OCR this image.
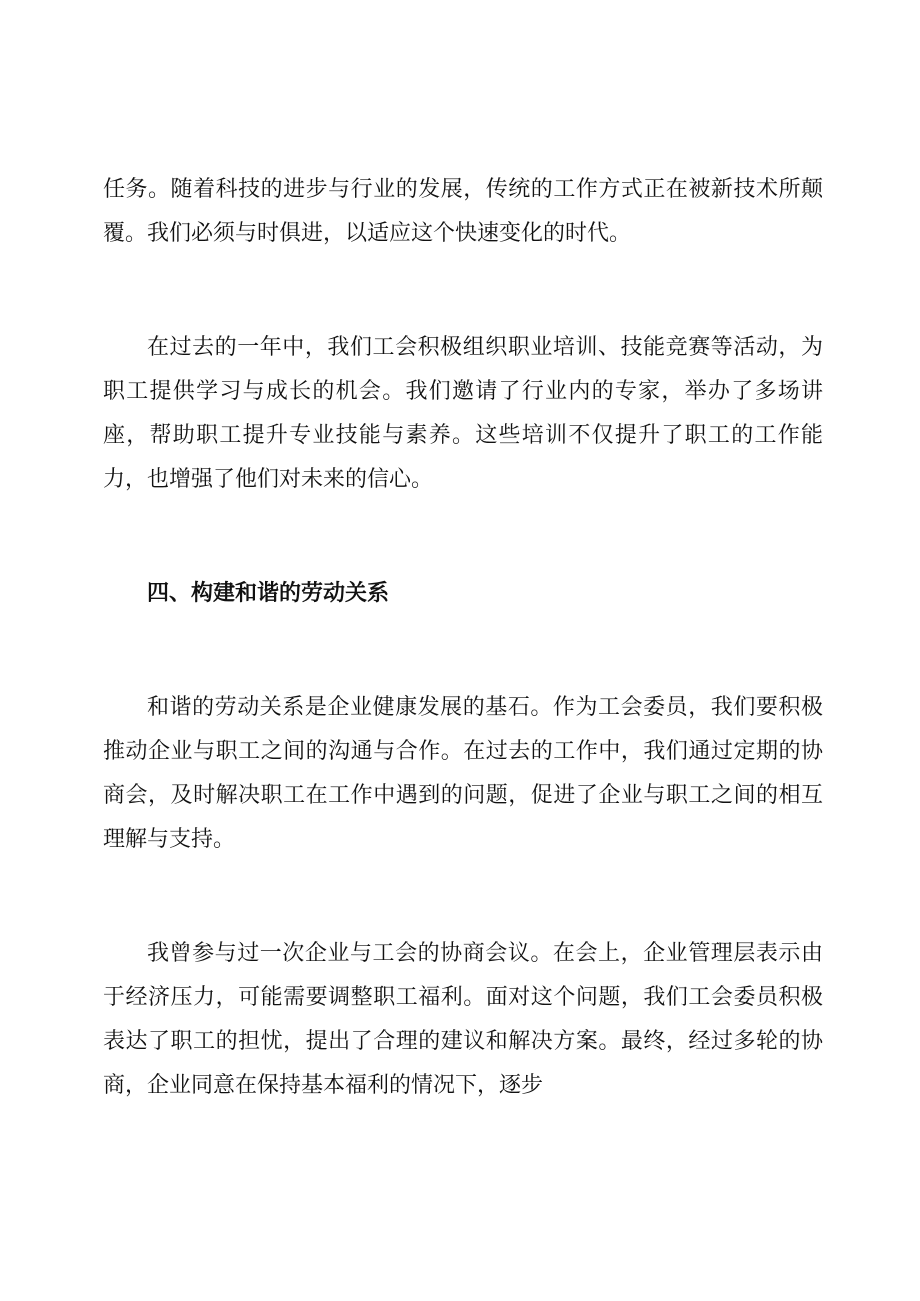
任务。随着科技的进步与行业的发展，传统的工作方式正在被新技术所颠覆。我们必须与时俱进，以适应这个快速变化的时代。

在过去的一年中，我们工会积极组织职业培训、技能竞赛等活动，为职工提供学习与成长的机会。我们邀请了行业内的专家，举办了多场讲座，帮助职工提升专业技能与素养。这些培训不仅提升了职工的工作能力，也增强了他们对未来的信心。

四、构建和谐的劳动关系

和谐的劳动关系是企业健康发展的基石。作为工会委员，我们要积极推动企业与职工之间的沟通与合作。在过去的工作中，我们通过定期的协商会，及时解决职工在工作中遇到的问题，促进了企业与职工之间的相互理解与支持。

我曾参与过一次企业与工会的协商会议。在会上，企业管理层表示由于经济压力，可能需要调整职工福利。面对这个问题，我们工会委员积极表达了职工的担忧，提出了合理的建议和解决方案。最终，经过多轮的协商，企业同意在保持基本福利的情况下，逐步
